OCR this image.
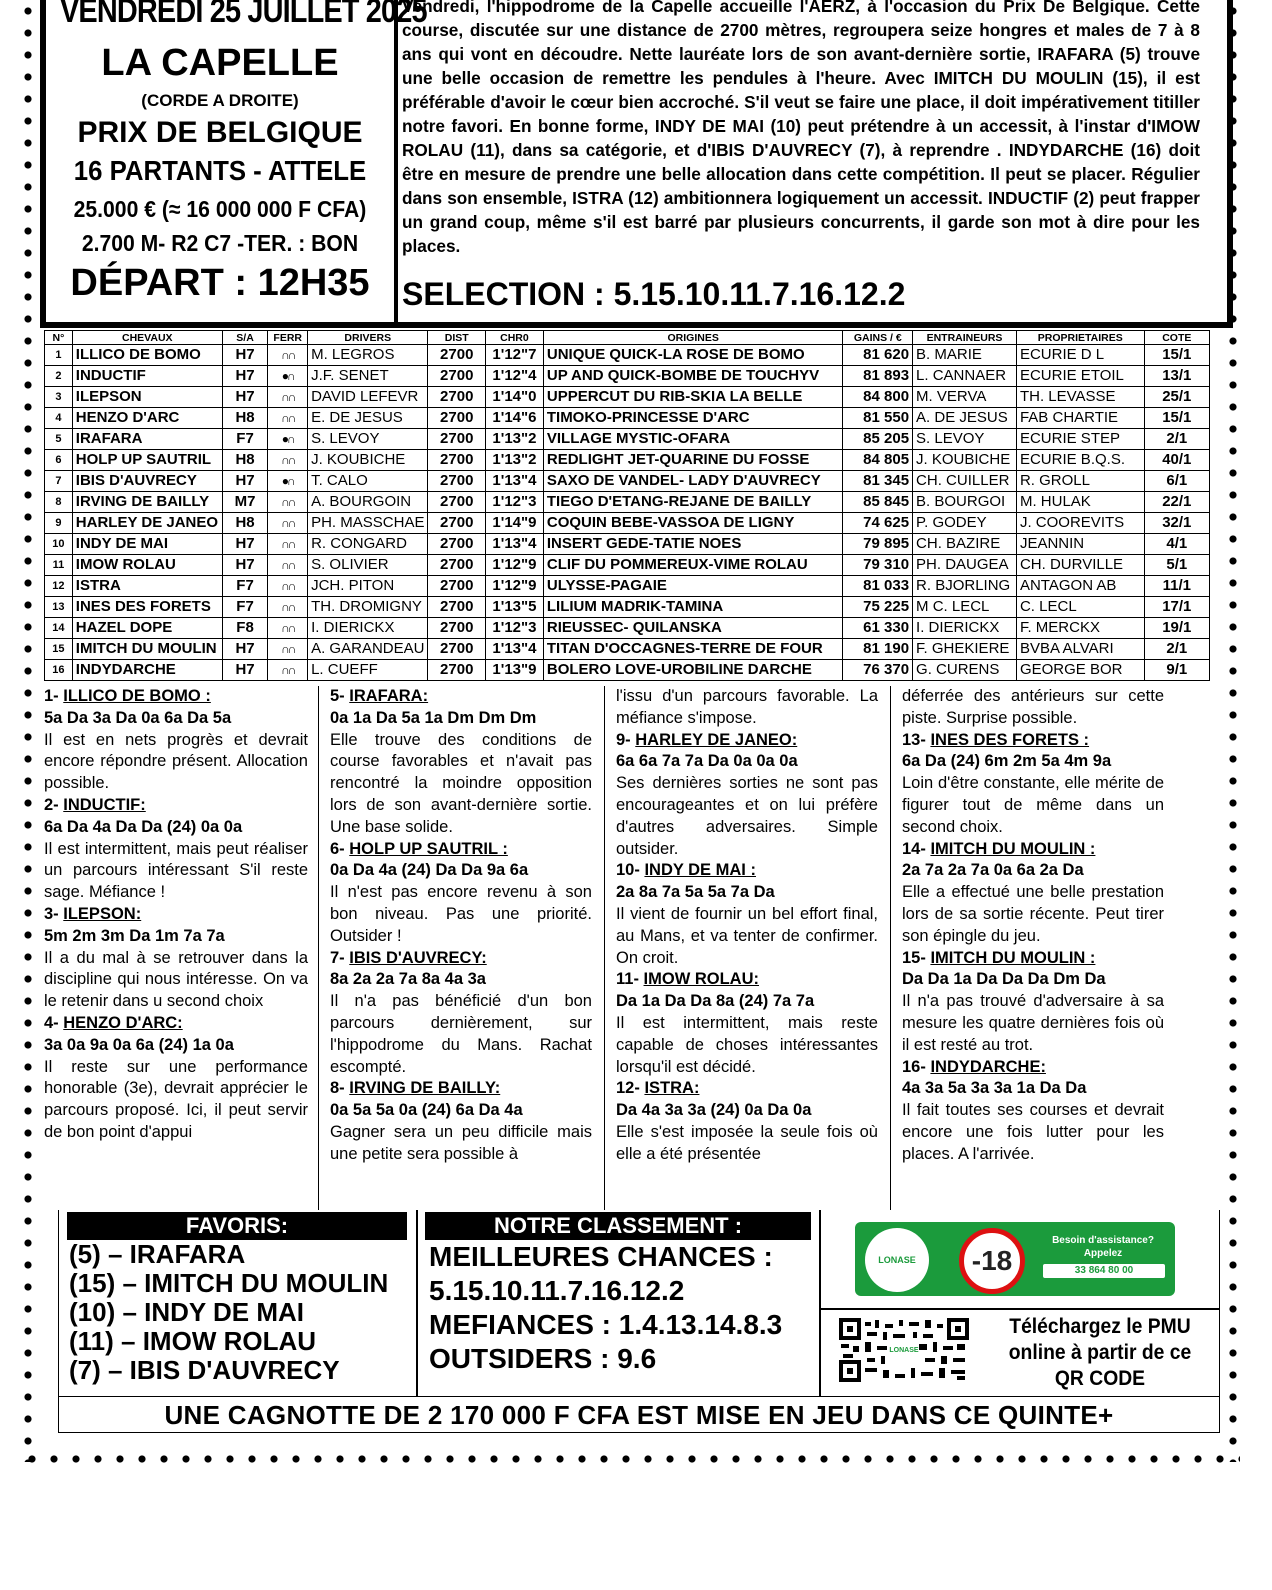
VENDREDI 25 JUILLET 2025
LA CAPELLE
(CORDE A DROITE)
PRIX DE BELGIQUE
16 PARTANTS - ATTELE
25.000 € (≈ 16 000 000 F CFA)
2.700 M- R2 C7 -TER. : BON
DÉPART : 12H35
Vendredi, l'hippodrome de la Capelle accueille l'AERZ, à l'occasion du Prix De Belgique. Cette course, discutée sur une distance de 2700 mètres, regroupera seize hongres et males de 7 à 8 ans qui vont en découdre. Nette lauréate lors de son avant-dernière sortie, IRAFARA (5) trouve une belle occasion de remettre les pendules à l'heure. Avec IMITCH DU MOULIN (15), il est préférable d'avoir le cœur bien accroché. S'il veut se faire une place, il doit impérativement titiller notre favori. En bonne forme, INDY DE MAI (10) peut prétendre à un accessit, à l'instar d'IMOW ROLAU (11), dans sa catégorie, et d'IBIS D'AUVRECY (7), à reprendre . INDYDARCHE (16) doit être en mesure de prendre une belle allocation dans cette compétition. Il peut se placer. Régulier dans son ensemble, ISTRA (12) ambitionnera logiquement un accessit. INDUCTIF (2) peut frapper un grand coup, même s'il est barré par plusieurs concurrents, il garde son mot à dire pour les places.
SELECTION : 5.15.10.11.7.16.12.2
N°	CHEVAUX	S/A	FERR	DRIVERS	DIST	CHR0	ORIGINES	GAINS / €	ENTRAINEURS	PROPRIETAIRES	COTE
1	ILLICO DE BOMO	H7	∩∩	M. LEGROS	2700	1'12"7	UNIQUE QUICK-LA ROSE DE BOMO	81 620	B. MARIE	ECURIE D L	15/1
2	INDUCTIF	H7	●∩	J.F. SENET	2700	1'12"4	UP AND QUICK-BOMBE DE TOUCHYV	81 893	L. CANNAER	ECURIE ETOIL	13/1
3	ILEPSON	H7	∩∩	DAVID LEFEVR	2700	1'14"0	UPPERCUT DU RIB-SKIA LA BELLE	84 800	M. VERVA	TH. LEVASSE	25/1
4	HENZO D'ARC	H8	∩∩	E. DE JESUS	2700	1'14"6	TIMOKO-PRINCESSE D'ARC	81 550	A. DE JESUS	FAB CHARTIE	15/1
5	IRAFARA	F7	●∩	S. LEVOY	2700	1'13"2	VILLAGE MYSTIC-OFARA	85 205	S. LEVOY	ECURIE STEP	2/1
6	HOLP UP SAUTRIL	H8	∩∩	J. KOUBICHE	2700	1'13"2	REDLIGHT JET-QUARINE DU FOSSE	84 805	J. KOUBICHE	ECURIE B.Q.S.	40/1
7	IBIS D'AUVRECY	H7	●∩	T. CALO	2700	1'13"4	SAXO DE VANDEL- LADY D'AUVRECY	81 345	CH. CUILLER	R. GROLL	6/1
8	IRVING DE BAILLY	M7	∩∩	A. BOURGOIN	2700	1'12"3	TIEGO D'ETANG-REJANE DE BAILLY	85 845	B. BOURGOI	M. HULAK	22/1
9	HARLEY DE JANEO	H8	∩∩	PH. MASSCHAE	2700	1'14"9	COQUIN BEBE-VASSOA DE LIGNY	74 625	P. GODEY	J. COOREVITS	32/1
10	INDY DE MAI	H7	∩∩	R. CONGARD	2700	1'13"4	INSERT GEDE-TATIE NOES	79 895	CH. BAZIRE	JEANNIN	4/1
11	IMOW ROLAU	H7	∩∩	S. OLIVIER	2700	1'12"9	CLIF DU POMMEREUX-VIME ROLAU	79 310	PH. DAUGEA	CH. DURVILLE	5/1
12	ISTRA	F7	∩∩	JCH. PITON	2700	1'12"9	ULYSSE-PAGAIE	81 033	R. BJORLING	ANTAGON AB	11/1
13	INES DES FORETS	F7	∩∩	TH. DROMIGNY	2700	1'13"5	LILIUM MADRIK-TAMINA	75 225	M C. LECL	C. LECL	17/1
14	HAZEL DOPE	F8	∩∩	I. DIERICKX	2700	1'12"3	RIEUSSEC- QUILANSKA	61 330	I. DIERICKX	F. MERCKX	19/1
15	IMITCH DU MOULIN	H7	∩∩	A. GARANDEAU	2700	1'13"4	TITAN D'OCCAGNES-TERRE DE FOUR	81 190	F. GHEKIERE	BVBA ALVARI	2/1
16	INDYDARCHE	H7	∩∩	L. CUEFF	2700	1'13"9	BOLERO LOVE-UROBILINE DARCHE	76 370	G. CURENS	GEORGE BOR	9/1
1- ILLICO DE BOMO :
5a Da 3a Da 0a 6a Da 5a
Il est en nets progrès et devrait encore répondre présent. Allocation possible.
2- INDUCTIF:
6a Da 4a Da Da (24) 0a 0a
Il est intermittent, mais peut réaliser un parcours intéressant S'il reste sage. Méfiance !
3- ILEPSON:
5m 2m 3m Da 1m 7a 7a
Il a du mal à se retrouver dans la discipline qui nous intéresse. On va le retenir dans u second choix
4- HENZO D'ARC:
3a 0a 9a 0a 6a (24) 1a 0a
Il reste sur une performance honorable (3e), devrait apprécier le parcours proposé. Ici, il peut servir de bon point d'appui
5- IRAFARA:
0a 1a Da 5a 1a Dm Dm Dm
Elle trouve des conditions de course favorables et n'avait pas rencontré la moindre opposition lors de son avant-dernière sortie. Une base solide.
6- HOLP UP SAUTRIL :
0a Da 4a (24) Da Da 9a 6a
Il n'est pas encore revenu à son bon niveau. Pas une priorité. Outsider !
7- IBIS D'AUVRECY:
8a 2a 2a 7a 8a 4a 3a
Il n'a pas bénéficié d'un bon parcours dernièrement, sur l'hippodrome du Mans. Rachat escompté.
8- IRVING DE BAILLY:
0a 5a 5a 0a (24) 6a Da 4a
Gagner sera un peu difficile mais une petite sera possible à
l'issu d'un parcours favorable. La méfiance s'impose.
9- HARLEY DE JANEO:
6a 6a 7a 7a Da 0a 0a 0a
Ses dernières sorties ne sont pas encourageantes et on lui préfère d'autres adversaires. Simple outsider.
10- INDY DE MAI :
2a 8a 7a 5a 5a 7a Da
Il vient de fournir un bel effort final, au Mans, et va tenter de confirmer. On croit.
11- IMOW ROLAU:
Da 1a Da Da 8a (24) 7a 7a
Il est intermittent, mais reste capable de choses intéressantes lorsqu'il est décidé.
12- ISTRA:
Da 4a 3a 3a (24) 0a Da 0a
Elle s'est imposée la seule fois où elle a été présentée
déferrée des antérieurs sur cette piste. Surprise possible.
13- INES DES FORETS :
6a Da (24) 6m 2m 5a 4m 9a
Loin d'être constante, elle mérite de figurer tout de même dans un second choix.
14- IMITCH DU MOULIN :
2a 7a 2a 7a 0a 6a 2a Da
Elle a effectué une belle prestation lors de sa sortie récente. Peut tirer son épingle du jeu.
15- IMITCH DU MOULIN :
Da Da 1a Da Da Da Dm Da
Il n'a pas trouvé d'adversaire à sa mesure les quatre dernières fois où il est resté au trot.
16- INDYDARCHE:
4a 3a 5a 3a 3a 1a Da Da
Il fait toutes ses courses et devrait encore une fois lutter pour les places. A l'arrivée.
FAVORIS:
(5) – IRAFARA
(15) – IMITCH DU MOULIN
(10) – INDY DE MAI
(11) – IMOW ROLAU
(7) – IBIS D'AUVRECY
NOTRE CLASSEMENT :
MEILLEURES CHANCES :
5.15.10.11.7.16.12.2
MEFIANCES : 1.4.13.14.8.3
OUTSIDERS : 9.6
LONASE	-18
Besoin d'assistance? Appelez
33 864 80 00
LONASE
Téléchargez le PMU online à partir de ce QR CODE
UNE CAGNOTTE DE 2 170 000 F CFA EST MISE EN JEU DANS CE QUINTE+
